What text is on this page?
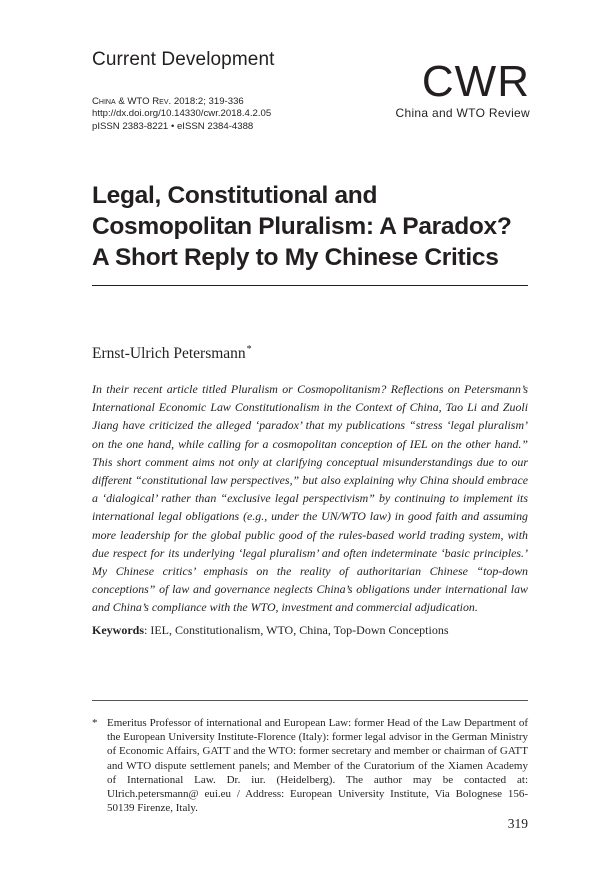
Current Development
China & WTO Rev. 2018:2; 319-336
http://dx.doi.org/10.14330/cwr.2018.4.2.05
pISSN 2383-8221 • eISSN 2384-4388
CWR
China and WTO Review
Legal, Constitutional and
Cosmopolitan Pluralism: A Paradox?
A Short Reply to My Chinese Critics
Ernst-Ulrich Petersmann*

In their recent article titled Pluralism or Cosmopolitanism? Reflections on Petersmann’s International Economic Law Constitutionalism in the Context of China, Tao Li and Zuoli Jiang have criticized the alleged ‘paradox’ that my publications “stress ‘legal pluralism’ on the one hand, while calling for a cosmopolitan conception of IEL on the other hand.” This short comment aims not only at clarifying conceptual misunderstandings due to our different “constitutional law perspectives,” but also explaining why China should embrace a ‘dialogical’ rather than “exclusive legal perspectivism” by continuing to implement its international legal obligations (e.g., under the UN/WTO law) in good faith and assuming more leadership for the global public good of the rules-based world trading system, with due respect for its underlying ‘legal pluralism’ and often indeterminate ‘basic principles.’ My Chinese critics’ emphasis on the reality of authoritarian Chinese “top-down conceptions” of law and governance neglects China’s obligations under international law and China’s compliance with the WTO, investment and commercial adjudication.

Keywords: IEL, Constitutionalism, WTO, China, Top-Down Conceptions
* Emeritus Professor of international and European Law: former Head of the Law Department of the European University Institute-Florence (Italy): former legal advisor in the German Ministry of Economic Affairs, GATT and the WTO: former secretary and member or chairman of GATT and WTO dispute settlement panels; and Member of the Curatorium of the Xiamen Academy of International Law. Dr. iur. (Heidelberg). The author may be contacted at: Ulrich.petersmann@ eui.eu / Address: European University Institute, Via Bolognese 156-50139 Firenze, Italy.
319
